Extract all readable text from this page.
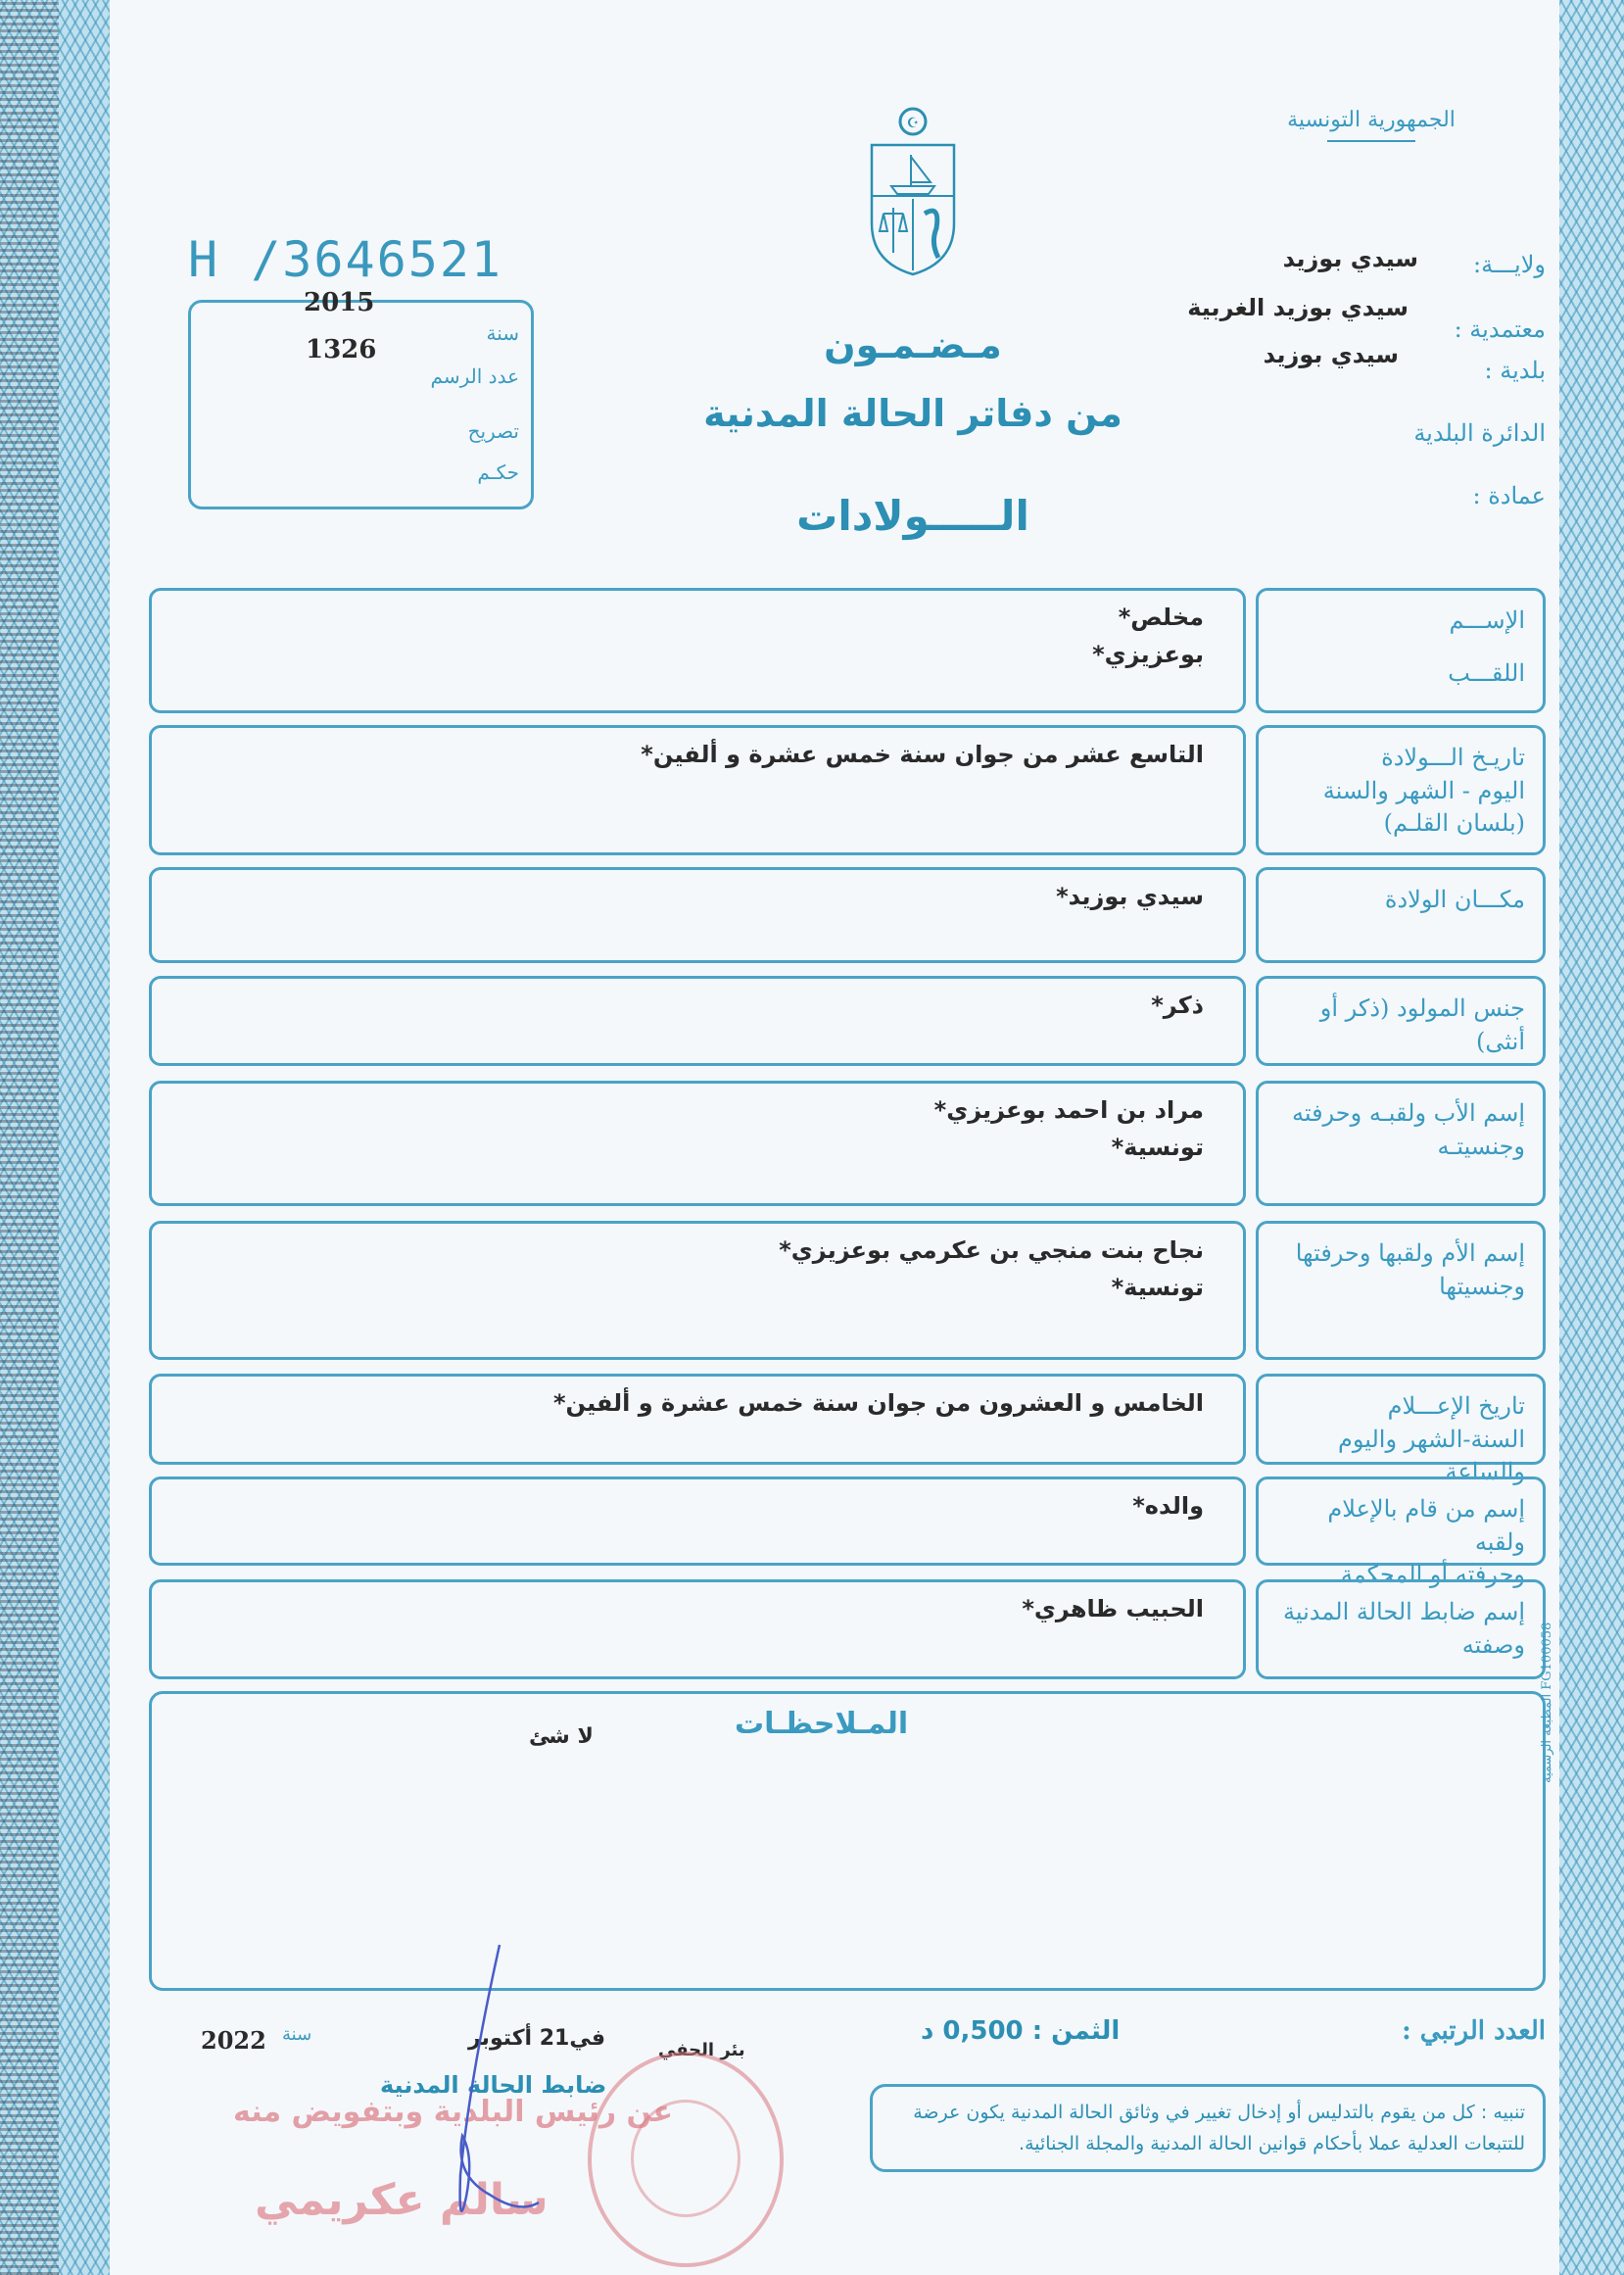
الجمهورية التونسية
☪
H /3646521
2015
1326
سنة
عدد الرسم
تصريح
حكـم
مـضـمـون
من دفاتر الحالة المدنية
الـــــولادات
ولايـــة:
سيدي بوزيد
معتمدية :
سيدي بوزيد الغربية
بلدية :
سيدي بوزيد
الدائرة البلدية
عمادة :
الإســـم
اللقـــب
مخلص*
بوعزيزي*
تاريـخ الـــولادة
اليوم - الشهر والسنة
(بلسان القلـم)
التاسع عشر من جوان سنة خمس عشرة و ألفين*
مكـــان الولادة
سيدي بوزيد*
جنس المولود (ذكر أو أنثى)
ذكر*
إسم الأب ولقبـه وحرفته
وجنسيتـه
مراد بن احمد بوعزيزي*
تونسية*
إسم الأم ولقبها وحرفتها
وجنسيتها
نجاح بنت منجي بن عكرمي بوعزيزي*
تونسية*
تاريخ الإعـــلام
السنة-الشهر واليوم والساعة
الخامس و العشرون من جوان سنة خمس عشرة و ألفين*
إسم من قام بالإعلام ولقبه
وحرفته أو المحكمة
والده*
إسم ضابط الحالة المدنية
وصفته
الحبيب ظاهري*
المـلاحظـات
لا شئ
العدد الرتبي :
الثمن : 0,500 د
بئر الحفي
في21 أكتوبر
سنة
2022
ضابط الحالة المدنية
عن رئيس البلدية وبتفويض منه
سالم عكريمي
تنبيه : كل من يقوم بالتدليس أو إدخال تغيير في وثائق الحالة المدنية يكون عرضة للتتبعات العدلية عملا بأحكام قوانين الحالة المدنية والمجلة الجنائية.
المطبعة الرسمية FG100058
